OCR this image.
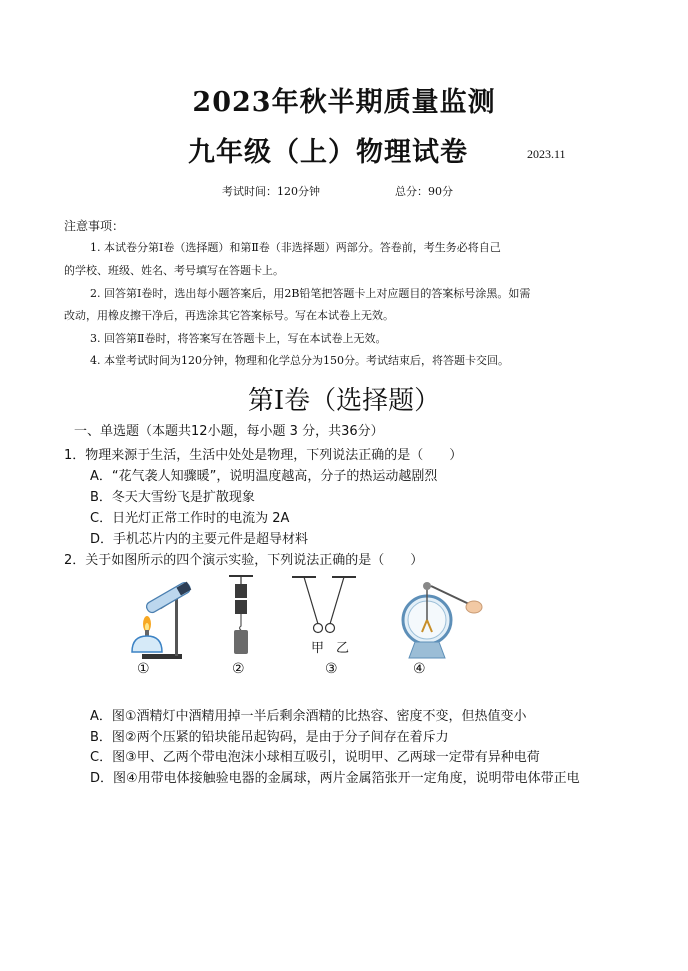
2023年秋半期质量监测
九年级（上）物理试卷	2023.11
考试时间：120分钟	总分：90分
注意事项：
1. 本试卷分第Ⅰ卷（选择题）和第Ⅱ卷（非选择题）两部分。答卷前，考生务必将自己
的学校、班级、姓名、考号填写在答题卡上。
2. 回答第Ⅰ卷时，选出每小题答案后，用2B铅笔把答题卡上对应题目的答案标号涂黑。如需
改动，用橡皮擦干净后，再选涂其它答案标号。写在本试卷上无效。
3. 回答第Ⅱ卷时，将答案写在答题卡上，写在本试卷上无效。
4. 本堂考试时间为120分钟，物理和化学总分为150分。考试结束后，将答题卡交回。
第Ⅰ卷（选择题）
一、单选题（本题共12小题，每小题 3 分，共36分）
1．物理来源于生活，生活中处处是物理，下列说法正确的是（　　）
A．“花气袭人知骤暖”，说明温度越高，分子的热运动越剧烈
B．冬天大雪纷飞是扩散现象
C．日光灯正常工作时的电流为 2A
D．手机芯片内的主要元件是超导材料
2．关于如图所示的四个演示实验，下列说法正确的是（　　）
甲 乙
①	②	③	④
A．图①酒精灯中酒精用掉一半后剩余酒精的比热容、密度不变，但热值变小
B．图②两个压紧的铅块能吊起钩码，是由于分子间存在着斥力
C．图③甲、乙两个带电泡沫小球相互吸引，说明甲、乙两球一定带有异种电荷
D．图④用带电体接触验电器的金属球，两片金属箔张开一定角度，说明带电体带正电
